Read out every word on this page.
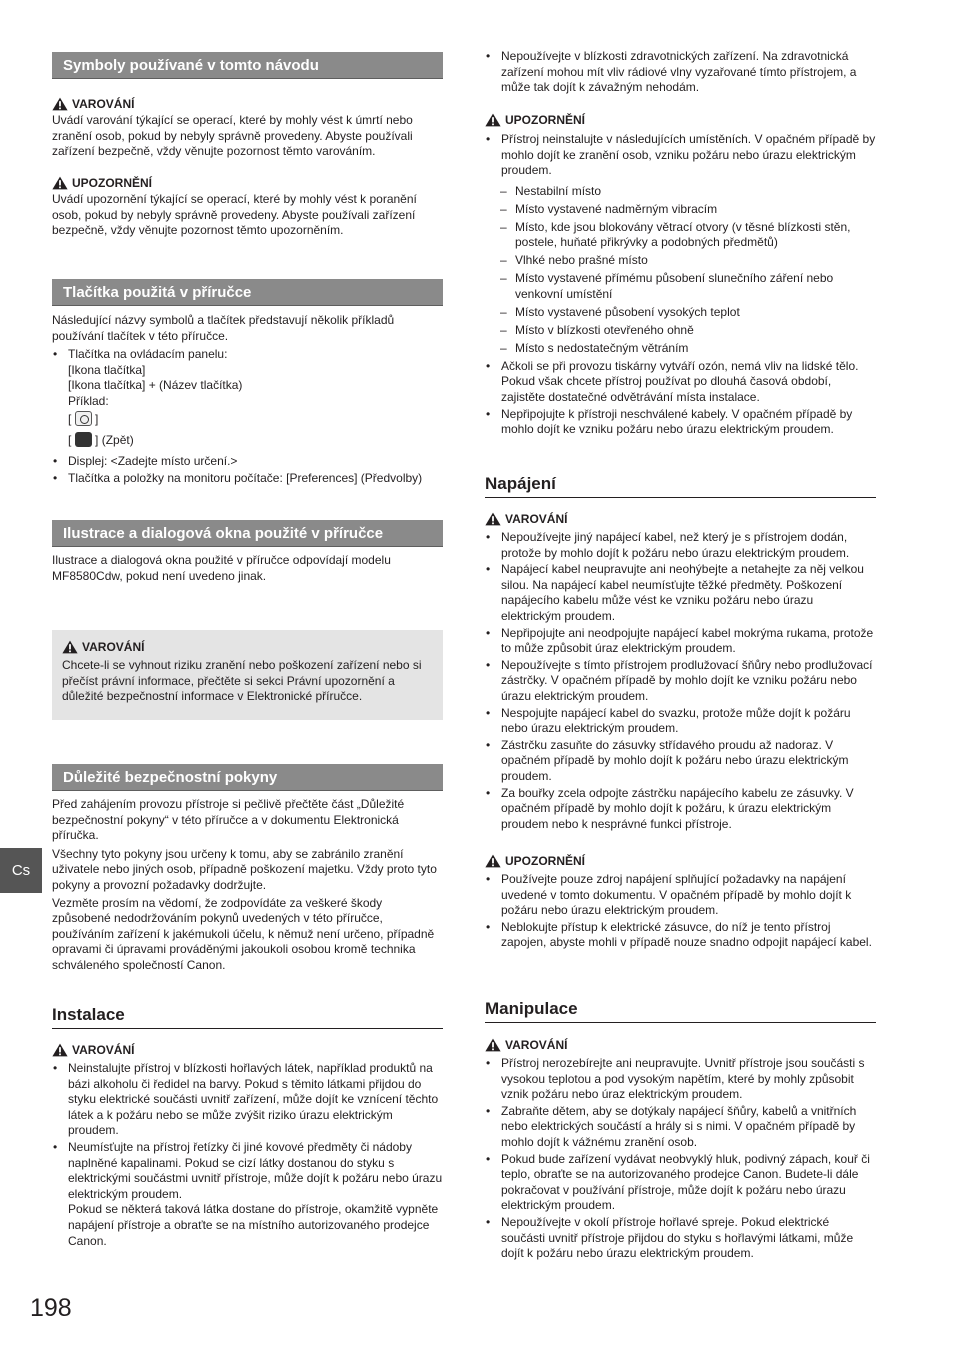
Symboly používané v tomto návodu
VAROVÁNÍ

Uvádí varování týkající se operací, které by mohly vést k úmrtí nebo zranění osob, pokud by nebyly správně provedeny. Abyste používali zařízení bezpečně, vždy věnujte pozornost těmto varováním.

UPOZORNĚNÍ

Uvádí upozornění týkající se operací, které by mohly vést k poranění osob, pokud by nebyly správně provedeny. Abyste používali zařízení bezpečně, vždy věnujte pozornost těmto upozorněním.

Tlačítka použitá v příručce

Následující názvy symbolů a tlačítek představují několik příkladů používání tlačítek v této příručce.

• Tlačítka na ovládacím panelu:
[Ikona tlačítka]
[Ikona tlačítka] + (Název tlačítka)
Příklad:
[ ]
[ ] (Zpět)
• Displej: <Zadejte místo určení.>
• Tlačítka a položky na monitoru počítače: [Preferences] (Předvolby)
Ilustrace a dialogová okna použité v příručce

Ilustrace a dialogová okna použité v příručce odpovídají modelu MF8580Cdw, pokud není uvedeno jinak.

VAROVÁNÍ

Chcete-li se vyhnout riziku zranění nebo poškození zařízení nebo si přečíst právní informace, přečtěte si sekci Právní upozornění a důležité bezpečnostní informace v Elektronické příručce.

Důležité bezpečnostní pokyny

Před zahájením provozu přístroje si pečlivě přečtěte část „Důležité bezpečnostní pokyny“ v této příručce a v dokumentu Elektronická příručka.

Všechny tyto pokyny jsou určeny k tomu, aby se zabránilo zranění uživatele nebo jiných osob, případně poškození majetku. Vždy proto tyto pokyny a provozní požadavky dodržujte.

Vezměte prosím na vědomí, že zodpovídáte za veškeré škody způsobené nedodržováním pokynů uvedených v této příručce, používáním zařízení k jakémukoli účelu, k němuž není určeno, případně opravami či úpravami prováděnými jakoukoli osobou kromě technika schváleného společností Canon.

Instalace
VAROVÁNÍ
• Neinstalujte přístroj v blízkosti hořlavých látek, například produktů na bázi alkoholu či ředidel na barvy. Pokud s těmito látkami přijdou do styku elektrické součásti uvnitř zařízení, může dojít ke vznícení těchto látek a k požáru nebo se může zvýšit riziko úrazu elektrickým proudem.
• Neumísťujte na přístroj řetízky či jiné kovové předměty či nádoby naplněné kapalinami. Pokud se cizí látky dostanou do styku s elektrickými součástmi uvnitř přístroje, může dojít k požáru nebo úrazu elektrickým proudem.
Pokud se některá taková látka dostane do přístroje, okamžitě vypněte napájení přístroje a obraťte se na místního autorizovaného prodejce Canon.
• Nepoužívejte v blízkosti zdravotnických zařízení. Na zdravotnická zařízení mohou mít vliv rádiové vlny vyzařované tímto přístrojem, a může tak dojít k závažným nehodám.
UPOZORNĚNÍ
• Přístroj neinstalujte v následujících umístěních. V opačném případě by mohlo dojít ke zranění osob, vzniku požáru nebo úrazu elektrickým proudem.
– Nestabilní místo
– Místo vystavené nadměrným vibracím
– Místo, kde jsou blokovány větrací otvory (v těsné blízkosti stěn, postele, huňaté přikrývky a podobných předmětů)
– Vlhké nebo prašné místo
– Místo vystavené přímému působení slunečního záření nebo venkovní umístění
– Místo vystavené působení vysokých teplot
– Místo v blízkosti otevřeného ohně
– Místo s nedostatečným větráním
• Ačkoli se při provozu tiskárny vytváří ozón, nemá vliv na lidské tělo. Pokud však chcete přístroj používat po dlouhá časová období, zajistěte dostatečné odvětrávání místa instalace.
• Nepřipojujte k přístroji neschválené kabely. V opačném případě by mohlo dojít ke vzniku požáru nebo úrazu elektrickým proudem.
Napájení
VAROVÁNÍ
• Nepoužívejte jiný napájecí kabel, než který je s přístrojem dodán, protože by mohlo dojít k požáru nebo úrazu elektrickým proudem.
• Napájecí kabel neupravujte ani neohýbejte a netahejte za něj velkou silou. Na napájecí kabel neumísťujte těžké předměty. Poškození napájecího kabelu může vést ke vzniku požáru nebo úrazu elektrickým proudem.
• Nepřipojujte ani neodpojujte napájecí kabel mokrýma rukama, protože to může způsobit úraz elektrickým proudem.
• Nepoužívejte s tímto přístrojem prodlužovací šňůry nebo prodlužovací zástrčky. V opačném případě by mohlo dojít ke vzniku požáru nebo úrazu elektrickým proudem.
• Nespojujte napájecí kabel do svazku, protože může dojít k požáru nebo úrazu elektrickým proudem.
• Zástrčku zasuňte do zásuvky střídavého proudu až nadoraz. V opačném případě by mohlo dojít k požáru nebo úrazu elektrickým proudem.
• Za bouřky zcela odpojte zástrčku napájecího kabelu ze zásuvky. V opačném případě by mohlo dojít k požáru, k úrazu elektrickým proudem nebo k nesprávné funkci přístroje.
UPOZORNĚNÍ
• Používejte pouze zdroj napájení splňující požadavky na napájení uvedené v tomto dokumentu. V opačném případě by mohlo dojít k požáru nebo úrazu elektrickým proudem.
• Neblokujte přístup k elektrické zásuvce, do níž je tento přístroj zapojen, abyste mohli v případě nouze snadno odpojit napájecí kabel.
Manipulace
VAROVÁNÍ
• Přístroj nerozebírejte ani neupravujte. Uvnitř přístroje jsou součásti s vysokou teplotou a pod vysokým napětím, které by mohly způsobit vznik požáru nebo úraz elektrickým proudem.
• Zabraňte dětem, aby se dotýkaly napájecí šňůry, kabelů a vnitřních nebo elektrických součástí a hrály si s nimi. V opačném případě by mohlo dojít k vážnému zranění osob.
• Pokud bude zařízení vydávat neobvyklý hluk, podivný zápach, kouř či teplo, obraťte se na autorizovaného prodejce Canon. Budete-li dále pokračovat v používání přístroje, může dojít k požáru nebo úrazu elektrickým proudem.
• Nepoužívejte v okolí přístroje hořlavé spreje. Pokud elektrické součásti uvnitř přístroje přijdou do styku s hořlavými látkami, může dojít k požáru nebo úrazu elektrickým proudem.
Cs
198
